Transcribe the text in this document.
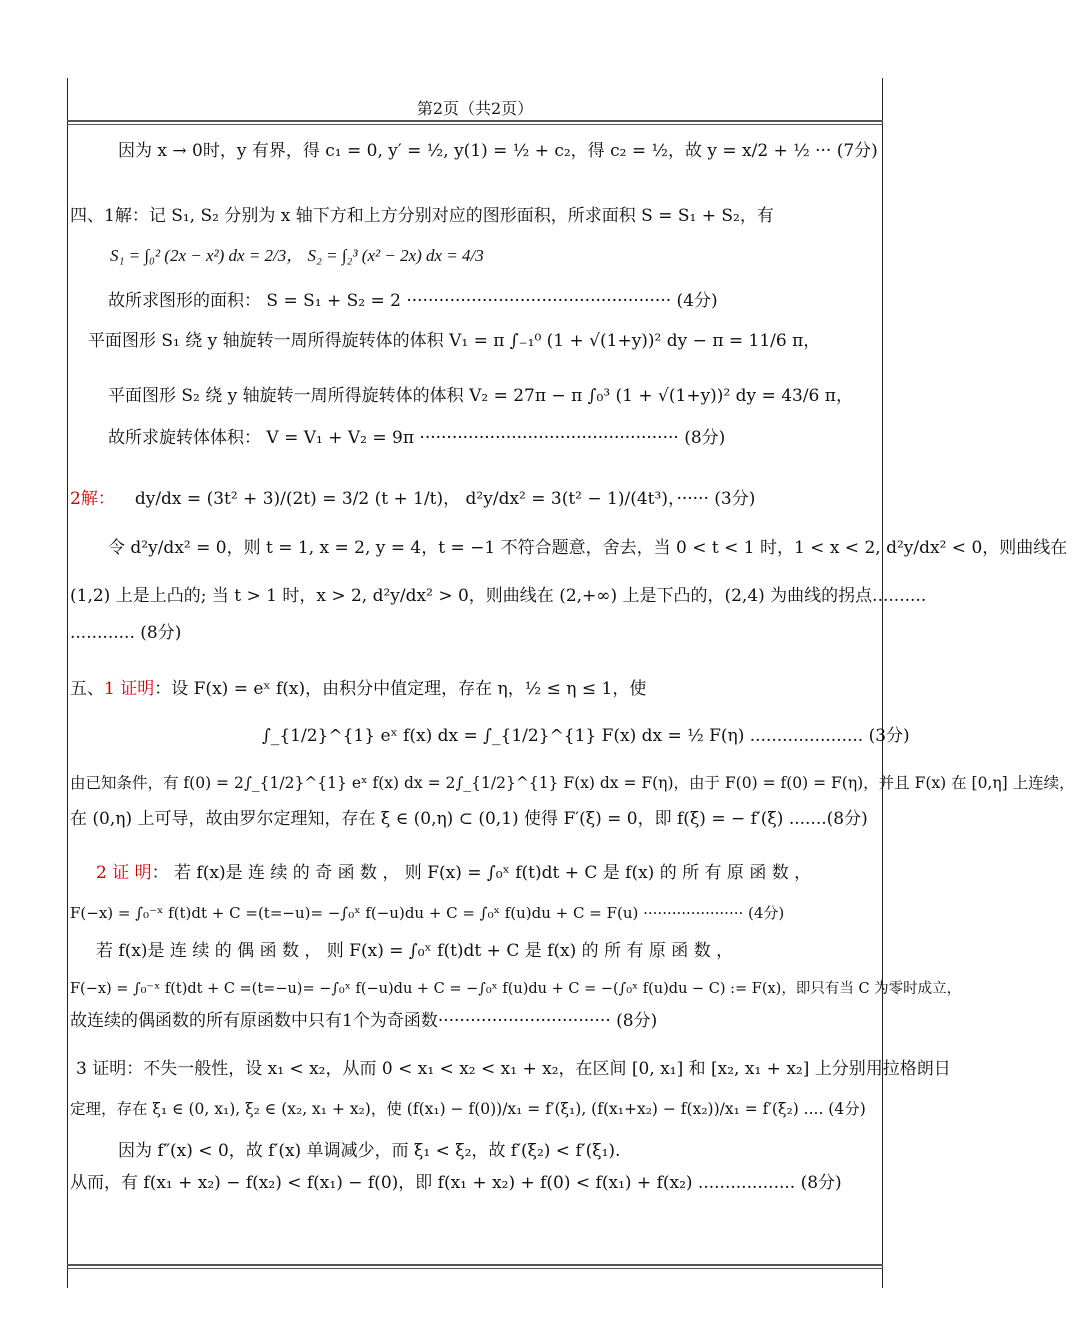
第2页（共2页）
因为 x → 0时，y 有界，得 c₁ = 0, y′ = ½, y(1) = ½ + c₂，得 c₂ = ½，故 y = x/2 + ½ ··· (7分)
四、1解：记 S₁, S₂ 分别为 x 轴下方和上方分别对应的图形面积，所求面积 S = S₁ + S₂，有
S₁ = ∫₀² (2x − x²) dx = 2/3， S₂ = ∫₂³ (x² − 2x) dx = 4/3
故所求图形的面积： S = S₁ + S₂ = 2 ················································· (4分)
平面图形 S₁ 绕 y 轴旋转一周所得旋转体的体积 V₁ = π ∫₋₁⁰ (1 + √(1+y))² dy − π = 11/6 π，
平面图形 S₂ 绕 y 轴旋转一周所得旋转体的体积 V₂ = 27π − π ∫₀³ (1 + √(1+y))² dy = 43/6 π，
故所求旋转体体积： V = V₁ + V₂ = 9π ················································ (8分)
2解： dy/dx = (3t² + 3)/(2t) = 3/2 (t + 1/t)， d²y/dx² = 3(t² − 1)/(4t³)，······ (3分)
令 d²y/dx² = 0，则 t = 1, x = 2, y = 4，t = −1 不符合题意，舍去，当 0 < t < 1 时，1 < x < 2, d²y/dx² < 0，则曲线在
(1,2) 上是上凸的; 当 t > 1 时，x > 2, d²y/dx² > 0，则曲线在 (2,+∞) 上是下凸的，(2,4) 为曲线的拐点..........
............ (8分)
五、1 证明：设 F(x) = eˣ f(x)，由积分中值定理，存在 η，½ ≤ η ≤ 1，使
∫_{1/2}^{1} eˣ f(x) dx = ∫_{1/2}^{1} F(x) dx = ½ F(η) ..................... (3分)
由已知条件，有 f(0) = 2∫_{1/2}^{1} eˣ f(x) dx = 2∫_{1/2}^{1} F(x) dx = F(η)，由于 F(0) = f(0) = F(η)，并且 F(x) 在 [0,η] 上连续，
在 (0,η) 上可导，故由罗尔定理知，存在 ξ ∈ (0,η) ⊂ (0,1) 使得 F′(ξ) = 0，即 f(ξ) = − f′(ξ) .......(8分)
2 证 明： 若 f(x)是 连 续 的 奇 函 数 ， 则 F(x) = ∫₀ˣ f(t)dt + C 是 f(x) 的 所 有 原 函 数 ，
F(−x) = ∫₀⁻ˣ f(t)dt + C =(t=−u)= −∫₀ˣ f(−u)du + C = ∫₀ˣ f(u)du + C = F(u) ····················· (4分)
若 f(x)是 连 续 的 偶 函 数 ， 则 F(x) = ∫₀ˣ f(t)dt + C 是 f(x) 的 所 有 原 函 数 ，
F(−x) = ∫₀⁻ˣ f(t)dt + C =(t=−u)= −∫₀ˣ f(−u)du + C = −∫₀ˣ f(u)du + C = −(∫₀ˣ f(u)du − C) := F(x)，即只有当 C 为零时成立，
故连续的偶函数的所有原函数中只有1个为奇函数································ (8分)
3 证明：不失一般性，设 x₁ < x₂，从而 0 < x₁ < x₂ < x₁ + x₂，在区间 [0, x₁] 和 [x₂, x₁ + x₂] 上分别用拉格朗日
定理，存在 ξ₁ ∈ (0, x₁), ξ₂ ∈ (x₂, x₁ + x₂)，使 (f(x₁) − f(0))/x₁ = f′(ξ₁), (f(x₁+x₂) − f(x₂))/x₁ = f′(ξ₂) .... (4分)
因为 f″(x) < 0，故 f′(x) 单调减少，而 ξ₁ < ξ₂，故 f′(ξ₂) < f′(ξ₁).
从而，有 f(x₁ + x₂) − f(x₂) < f(x₁) − f(0)，即 f(x₁ + x₂) + f(0) < f(x₁) + f(x₂) .................. (8分)
